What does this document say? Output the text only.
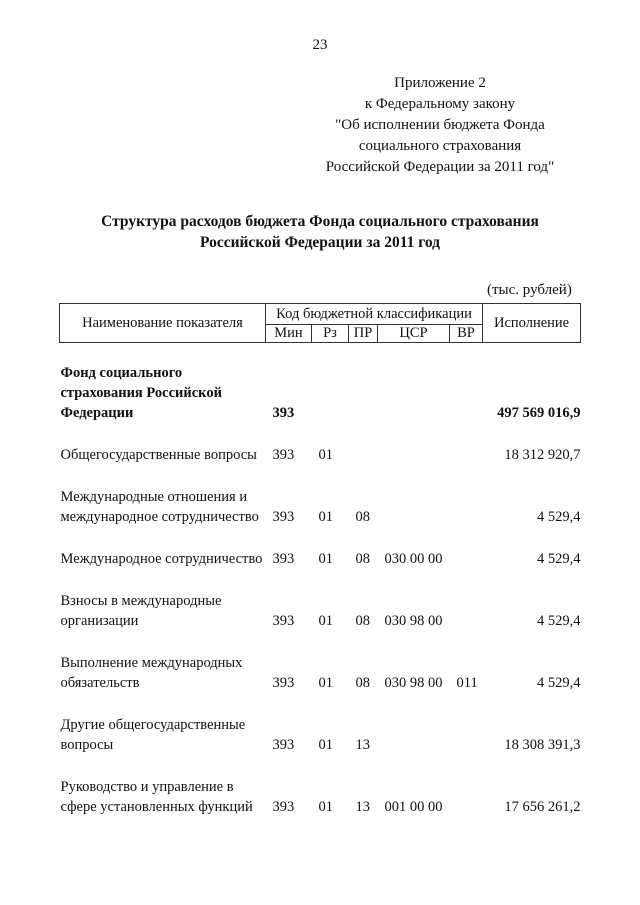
23
Приложение 2
к Федеральному закону
"Об исполнении бюджета Фонда
социального страхования
Российской Федерации за 2011 год"
Структура расходов бюджета Фонда социального страхования
Российской Федерации за 2011 год
(тыс. рублей)
Наименование показателя	Код бюджетной классификации					Исполнение
	Мин	Рз	ПР	ЦСР	ВР	
Фонд социального страхования Российской Федерации	393					497 569 016,9
Общегосударственные вопросы	393	01				18 312 920,7
Международные отношения и международное сотрудничество	393	01	08			4 529,4
Международное сотрудничество	393	01	08	030 00 00		4 529,4
Взносы в международные организации	393	01	08	030 98 00		4 529,4
Выполнение международных обязательств	393	01	08	030 98 00	011	4 529,4
Другие общегосударственные вопросы	393	01	13			18 308 391,3
Руководство и управление в сфере установленных функций	393	01	13	001 00 00		17 656 261,2
